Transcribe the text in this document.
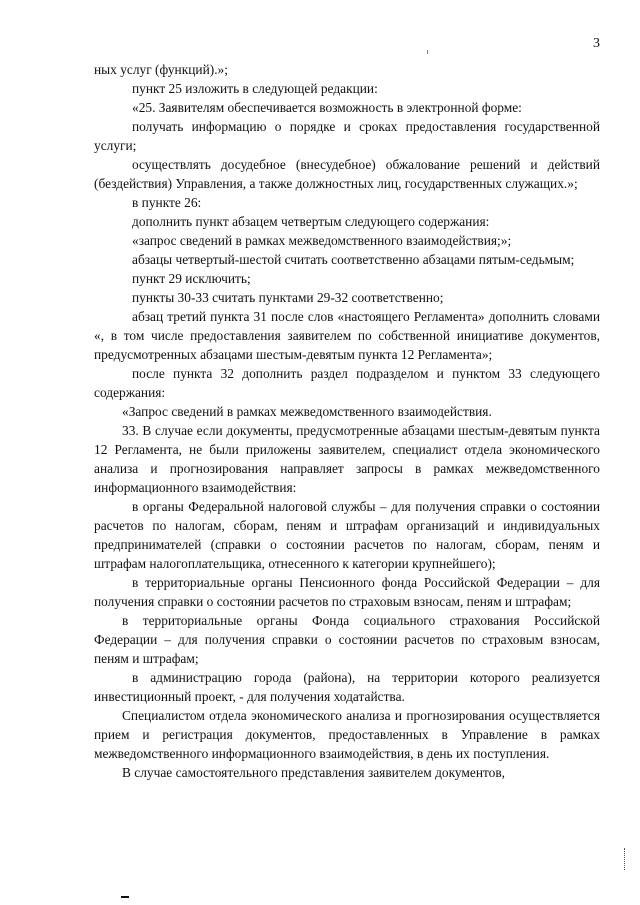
3

ных услуг (функций).»;

пункт 25 изложить в следующей редакции:

«25. Заявителям обеспечивается возможность в электронной форме:

получать информацию о порядке и сроках предоставления государственной услуги;

осуществлять досудебное (внесудебное) обжалование решений и действий (бездействия) Управления, а также должностных лиц, государственных служащих.»;

в пункте 26:

дополнить пункт абзацем четвертым следующего содержания:

«запрос сведений в рамках межведомственного взаимодействия;»;

абзацы четвертый-шестой считать соответственно абзацами пятым-седьмым;

пункт 29 исключить;

пункты 30-33 считать пунктами 29-32 соответственно;

абзац третий пункта 31 после слов «настоящего Регламента» дополнить словами «, в том числе предоставления заявителем по собственной инициативе документов, предусмотренных абзацами шестым-девятым пункта 12 Регламента»;

после пункта 32 дополнить раздел подразделом и пунктом 33 следующего содержания:

«Запрос сведений в рамках межведомственного взаимодействия.

33. В случае если документы, предусмотренные абзацами шестым-девятым пункта 12 Регламента, не были приложены заявителем, специалист отдела экономического анализа и прогнозирования направляет запросы в рамках межведомственного информационного взаимодействия:

в органы Федеральной налоговой службы – для получения справки о состоянии расчетов по налогам, сборам, пеням и штрафам организаций и индивидуальных предпринимателей (справки о состоянии расчетов по налогам, сборам, пеням и штрафам налогоплательщика, отнесенного к категории крупнейшего);

в территориальные органы Пенсионного фонда Российской Федерации – для получения справки о состоянии расчетов по страховым взносам, пеням и штрафам;

в территориальные органы Фонда социального страхования Российской Федерации – для получения справки о состоянии расчетов по страховым взносам, пеням и штрафам;

в администрацию города (района), на территории которого реализуется инвестиционный проект, - для получения ходатайства.

Специалистом отдела экономического анализа и прогнозирования осуществляется прием и регистрация документов, предоставленных в Управление в рамках межведомственного информационного взаимодействия, в день их поступления.

В случае самостоятельного представления заявителем документов,
